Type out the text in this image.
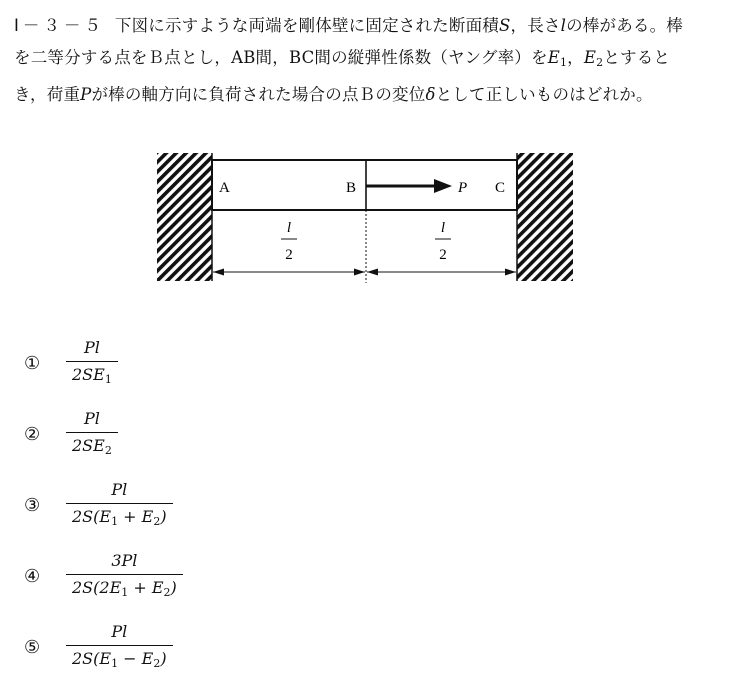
Ⅰ－３－５ 下図に示すような両端を剛体壁に固定された断面積S，長さlの棒がある。棒
を二等分する点をＢ点とし，AB間，BC間の縦弾性係数（ヤング率）を$E_1$，$E_2$とすると
き，荷重Pが棒の軸方向に負荷された場合の点Ｂの変位δとして正しいものはどれか。
A	B	P C
l
2
l
2
① $\frac{Pl}{2SE_1}$
② $\frac{Pl}{2SE_2}$
③ $\frac{Pl}{2S(E_1 + E_2)}$
④ $\frac{3Pl}{2S(2E_1 + E_2)}$
⑤ $\frac{Pl}{2S(E_1 - E_2)}$
